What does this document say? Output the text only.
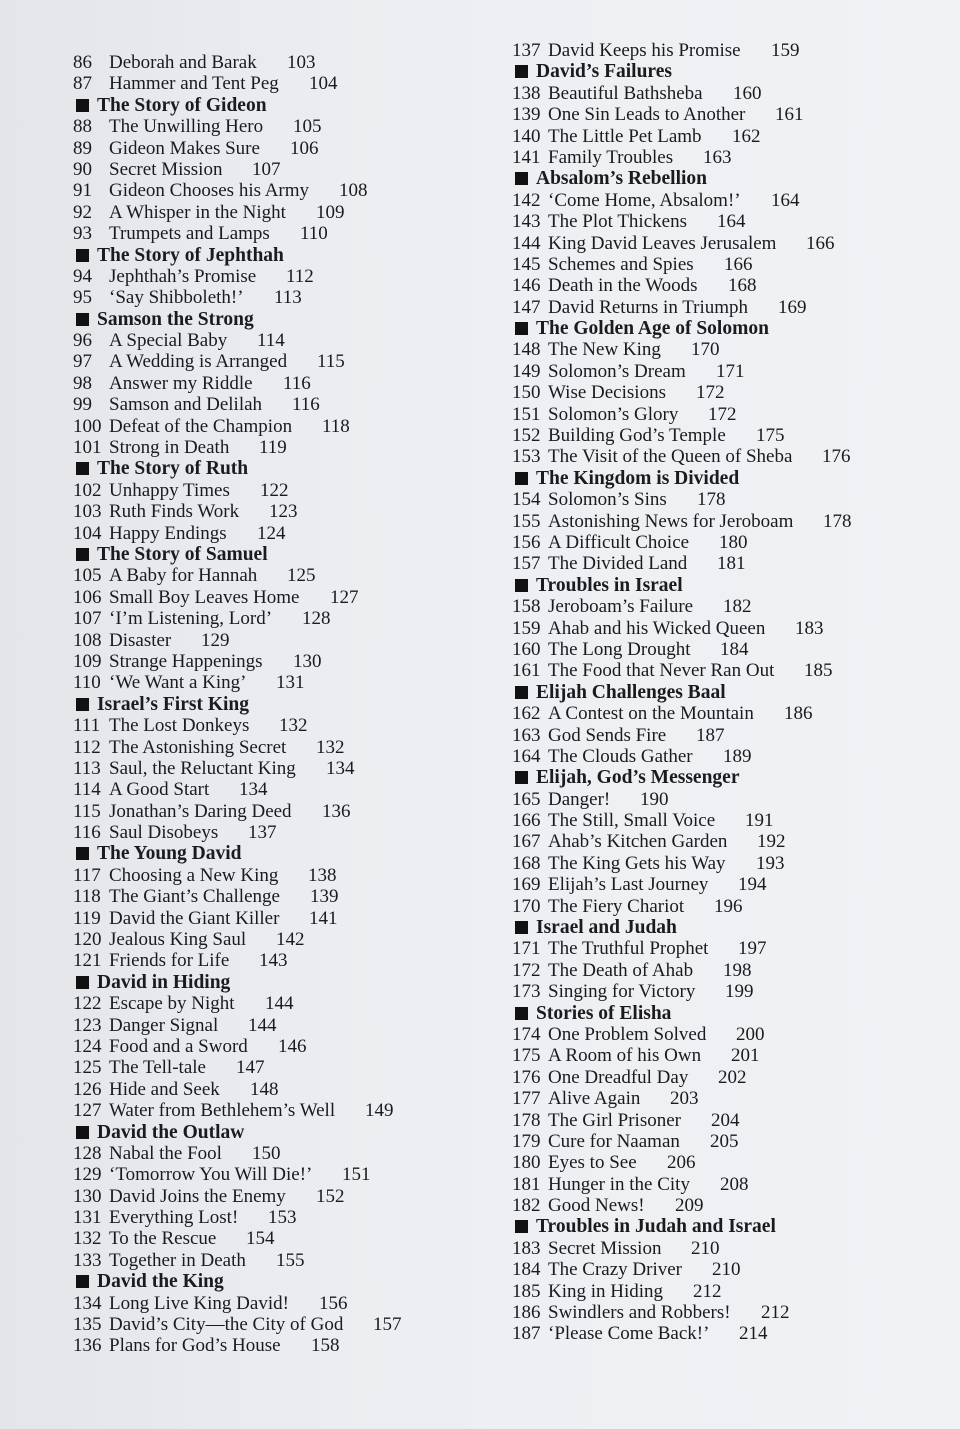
86 Deborah and Barak 103
87 Hammer and Tent Peg 104
The Story of Gideon
88 The Unwilling Hero 105
89 Gideon Makes Sure 106
90 Secret Mission 107
91 Gideon Chooses his Army 108
92 A Whisper in the Night 109
93 Trumpets and Lamps 110
The Story of Jephthah
94 Jephthah’s Promise 112
95 ‘Say Shibboleth!’ 113
Samson the Strong
96 A Special Baby 114
97 A Wedding is Arranged 115
98 Answer my Riddle 116
99 Samson and Delilah 116
100 Defeat of the Champion 118
101 Strong in Death 119
The Story of Ruth
102 Unhappy Times 122
103 Ruth Finds Work 123
104 Happy Endings 124
The Story of Samuel
105 A Baby for Hannah 125
106 Small Boy Leaves Home 127
107 ‘I’m Listening, Lord’ 128
108 Disaster 129
109 Strange Happenings 130
110 ‘We Want a King’ 131
Israel’s First King
111 The Lost Donkeys 132
112 The Astonishing Secret 132
113 Saul, the Reluctant King 134
114 A Good Start 134
115 Jonathan’s Daring Deed 136
116 Saul Disobeys 137
The Young David
117 Choosing a New King 138
118 The Giant’s Challenge 139
119 David the Giant Killer 141
120 Jealous King Saul 142
121 Friends for Life 143
David in Hiding
122 Escape by Night 144
123 Danger Signal 144
124 Food and a Sword 146
125 The Tell-tale 147
126 Hide and Seek 148
127 Water from Bethlehem’s Well 149
David the Outlaw
128 Nabal the Fool 150
129 ‘Tomorrow You Will Die!’ 151
130 David Joins the Enemy 152
131 Everything Lost! 153
132 To the Rescue 154
133 Together in Death 155
David the King
134 Long Live King David! 156
135 David’s City—the City of God 157
136 Plans for God’s House 158
137 David Keeps his Promise 159
David’s Failures
138 Beautiful Bathsheba 160
139 One Sin Leads to Another 161
140 The Little Pet Lamb 162
141 Family Troubles 163
Absalom’s Rebellion
142 ‘Come Home, Absalom!’ 164
143 The Plot Thickens 164
144 King David Leaves Jerusalem 166
145 Schemes and Spies 166
146 Death in the Woods 168
147 David Returns in Triumph 169
The Golden Age of Solomon
148 The New King 170
149 Solomon’s Dream 171
150 Wise Decisions 172
151 Solomon’s Glory 172
152 Building God’s Temple 175
153 The Visit of the Queen of Sheba 176
The Kingdom is Divided
154 Solomon’s Sins 178
155 Astonishing News for Jeroboam 178
156 A Difficult Choice 180
157 The Divided Land 181
Troubles in Israel
158 Jeroboam’s Failure 182
159 Ahab and his Wicked Queen 183
160 The Long Drought 184
161 The Food that Never Ran Out 185
Elijah Challenges Baal
162 A Contest on the Mountain 186
163 God Sends Fire 187
164 The Clouds Gather 189
Elijah, God’s Messenger
165 Danger! 190
166 The Still, Small Voice 191
167 Ahab’s Kitchen Garden 192
168 The King Gets his Way 193
169 Elijah’s Last Journey 194
170 The Fiery Chariot 196
Israel and Judah
171 The Truthful Prophet 197
172 The Death of Ahab 198
173 Singing for Victory 199
Stories of Elisha
174 One Problem Solved 200
175 A Room of his Own 201
176 One Dreadful Day 202
177 Alive Again 203
178 The Girl Prisoner 204
179 Cure for Naaman 205
180 Eyes to See 206
181 Hunger in the City 208
182 Good News! 209
Troubles in Judah and Israel
183 Secret Mission 210
184 The Crazy Driver 210
185 King in Hiding 212
186 Swindlers and Robbers! 212
187 ‘Please Come Back!’ 214
